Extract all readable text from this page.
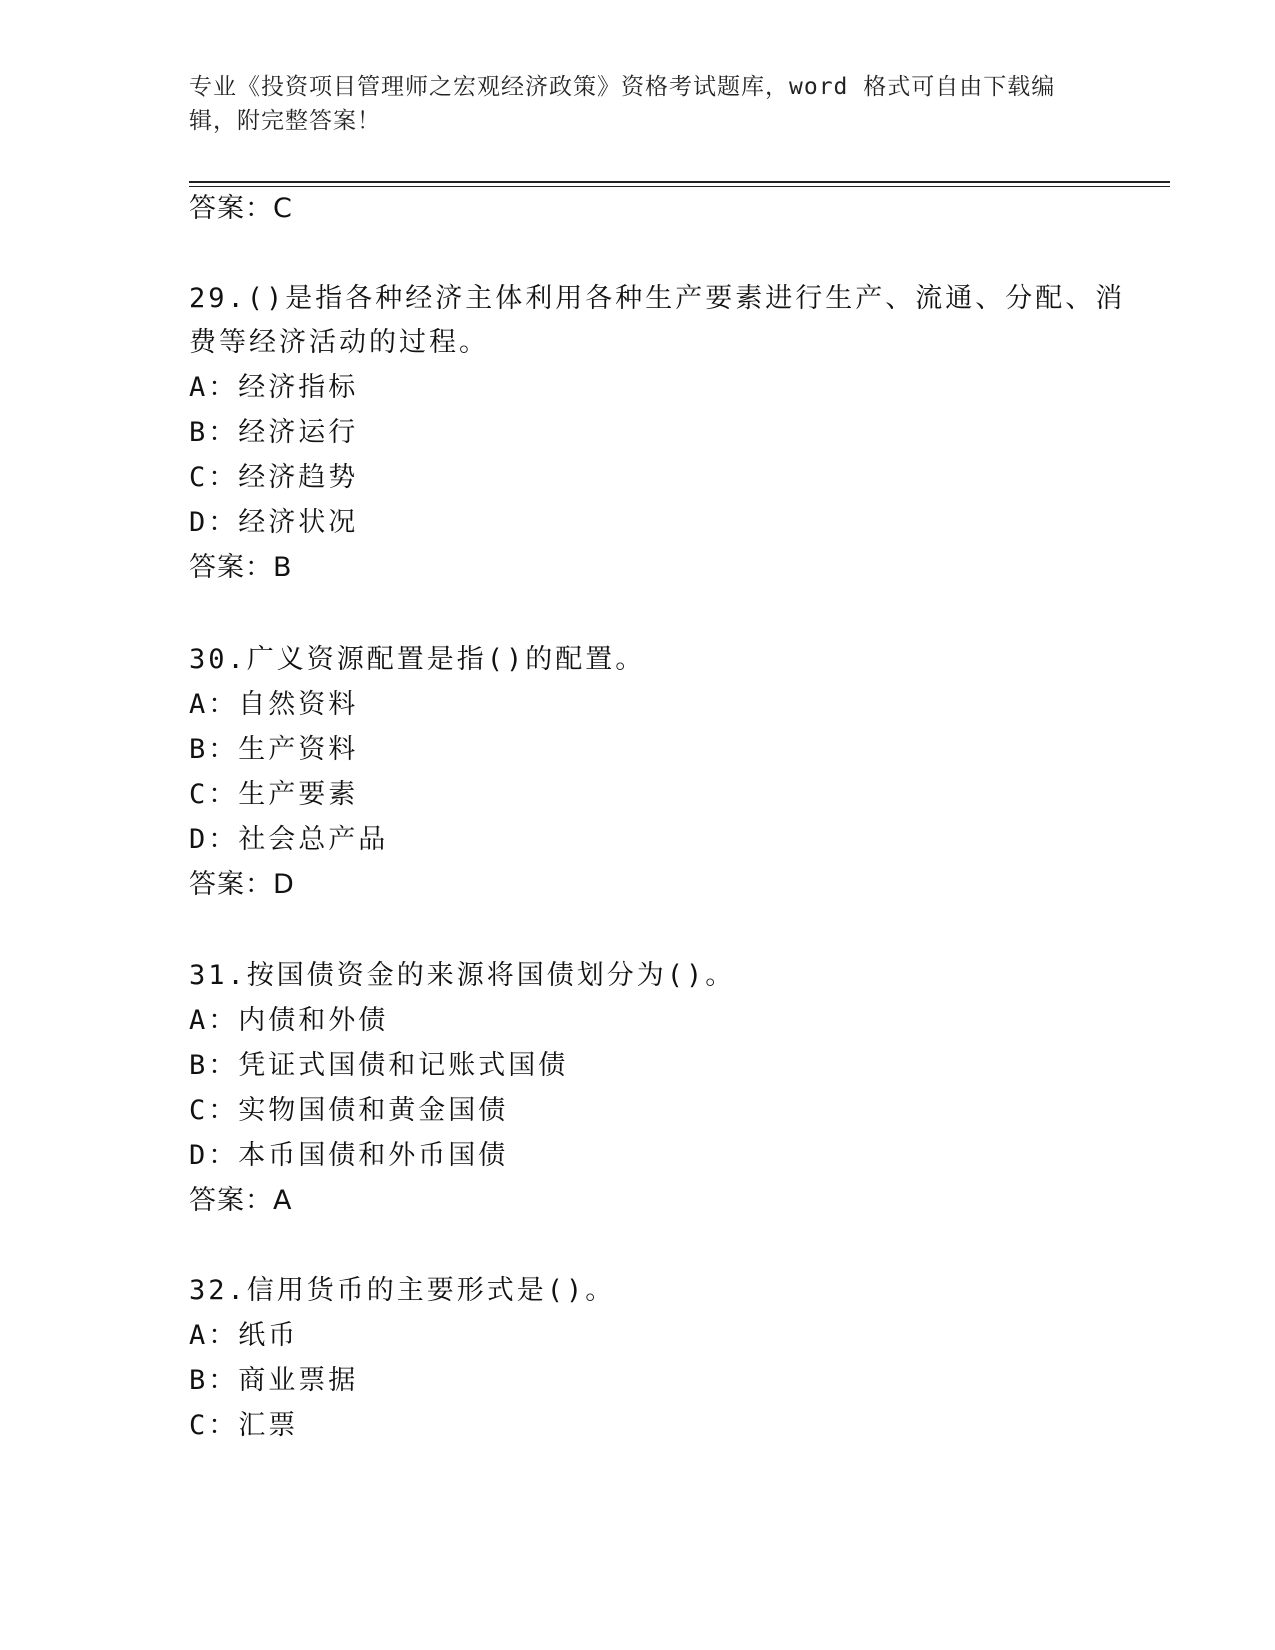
专业《投资项目管理师之宏观经济政策》资格考试题库，word 格式可自由下载编
辑，附完整答案！
答案：C
29.()是指各种经济主体利用各种生产要素进行生产、流通、分配、消
费等经济活动的过程。
A：经济指标
B：经济运行
C：经济趋势
D：经济状况
答案：B
30.广义资源配置是指()的配置。
A：自然资料
B：生产资料
C：生产要素
D：社会总产品
答案：D
31.按国债资金的来源将国债划分为()。
A：内债和外债
B：凭证式国债和记账式国债
C：实物国债和黄金国债
D：本币国债和外币国债
答案：A
32.信用货币的主要形式是()。
A：纸币
B：商业票据
C：汇票
